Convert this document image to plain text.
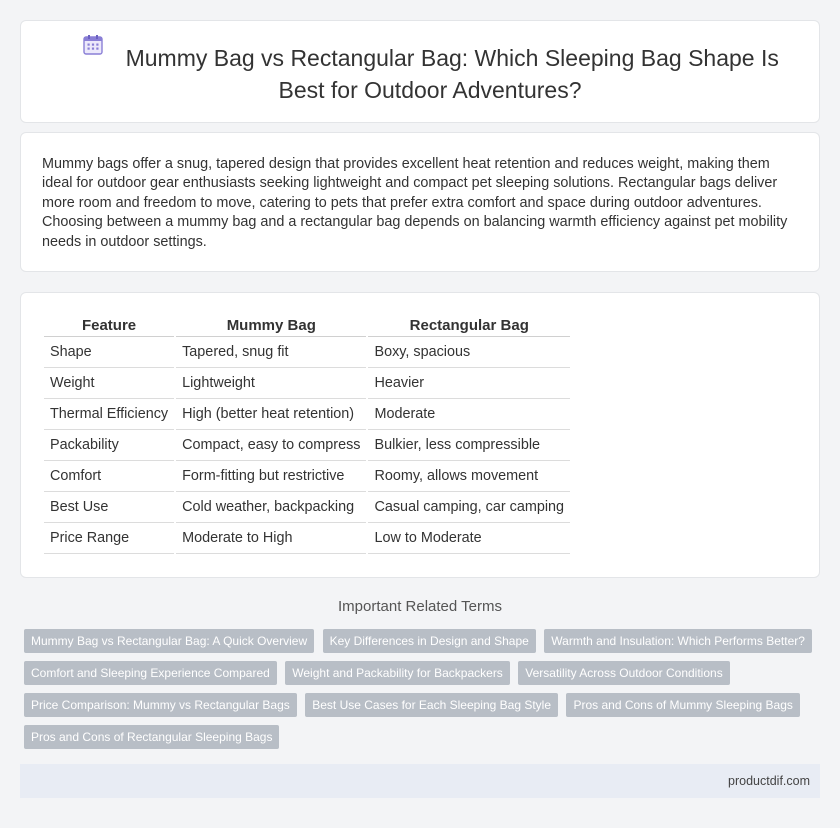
Mummy Bag vs Rectangular Bag: Which Sleeping Bag Shape Is Best for Outdoor Adventures?

Mummy bags offer a snug, tapered design that provides excellent heat retention and reduces weight, making them ideal for outdoor gear enthusiasts seeking lightweight and compact pet sleeping solutions. Rectangular bags deliver more room and freedom to move, catering to pets that prefer extra comfort and space during outdoor adventures. Choosing between a mummy bag and a rectangular bag depends on balancing warmth efficiency against pet mobility needs in outdoor settings.

Feature	Mummy Bag	Rectangular Bag
Shape	Tapered, snug fit	Boxy, spacious
Weight	Lightweight	Heavier
Thermal Efficiency	High (better heat retention)	Moderate
Packability	Compact, easy to compress	Bulkier, less compressible
Comfort	Form-fitting but restrictive	Roomy, allows movement
Best Use	Cold weather, backpacking	Casual camping, car camping
Price Range	Moderate to High	Low to Moderate
Important Related Terms
Mummy Bag vs Rectangular Bag: A Quick Overview Key Differences in Design and Shape Warmth and Insulation: Which Performs Better? Comfort and Sleeping Experience Compared Weight and Packability for Backpackers Versatility Across Outdoor Conditions Price Comparison: Mummy vs Rectangular Bags Best Use Cases for Each Sleeping Bag Style Pros and Cons of Mummy Sleeping Bags Pros and Cons of Rectangular Sleeping Bags
productdif.com
